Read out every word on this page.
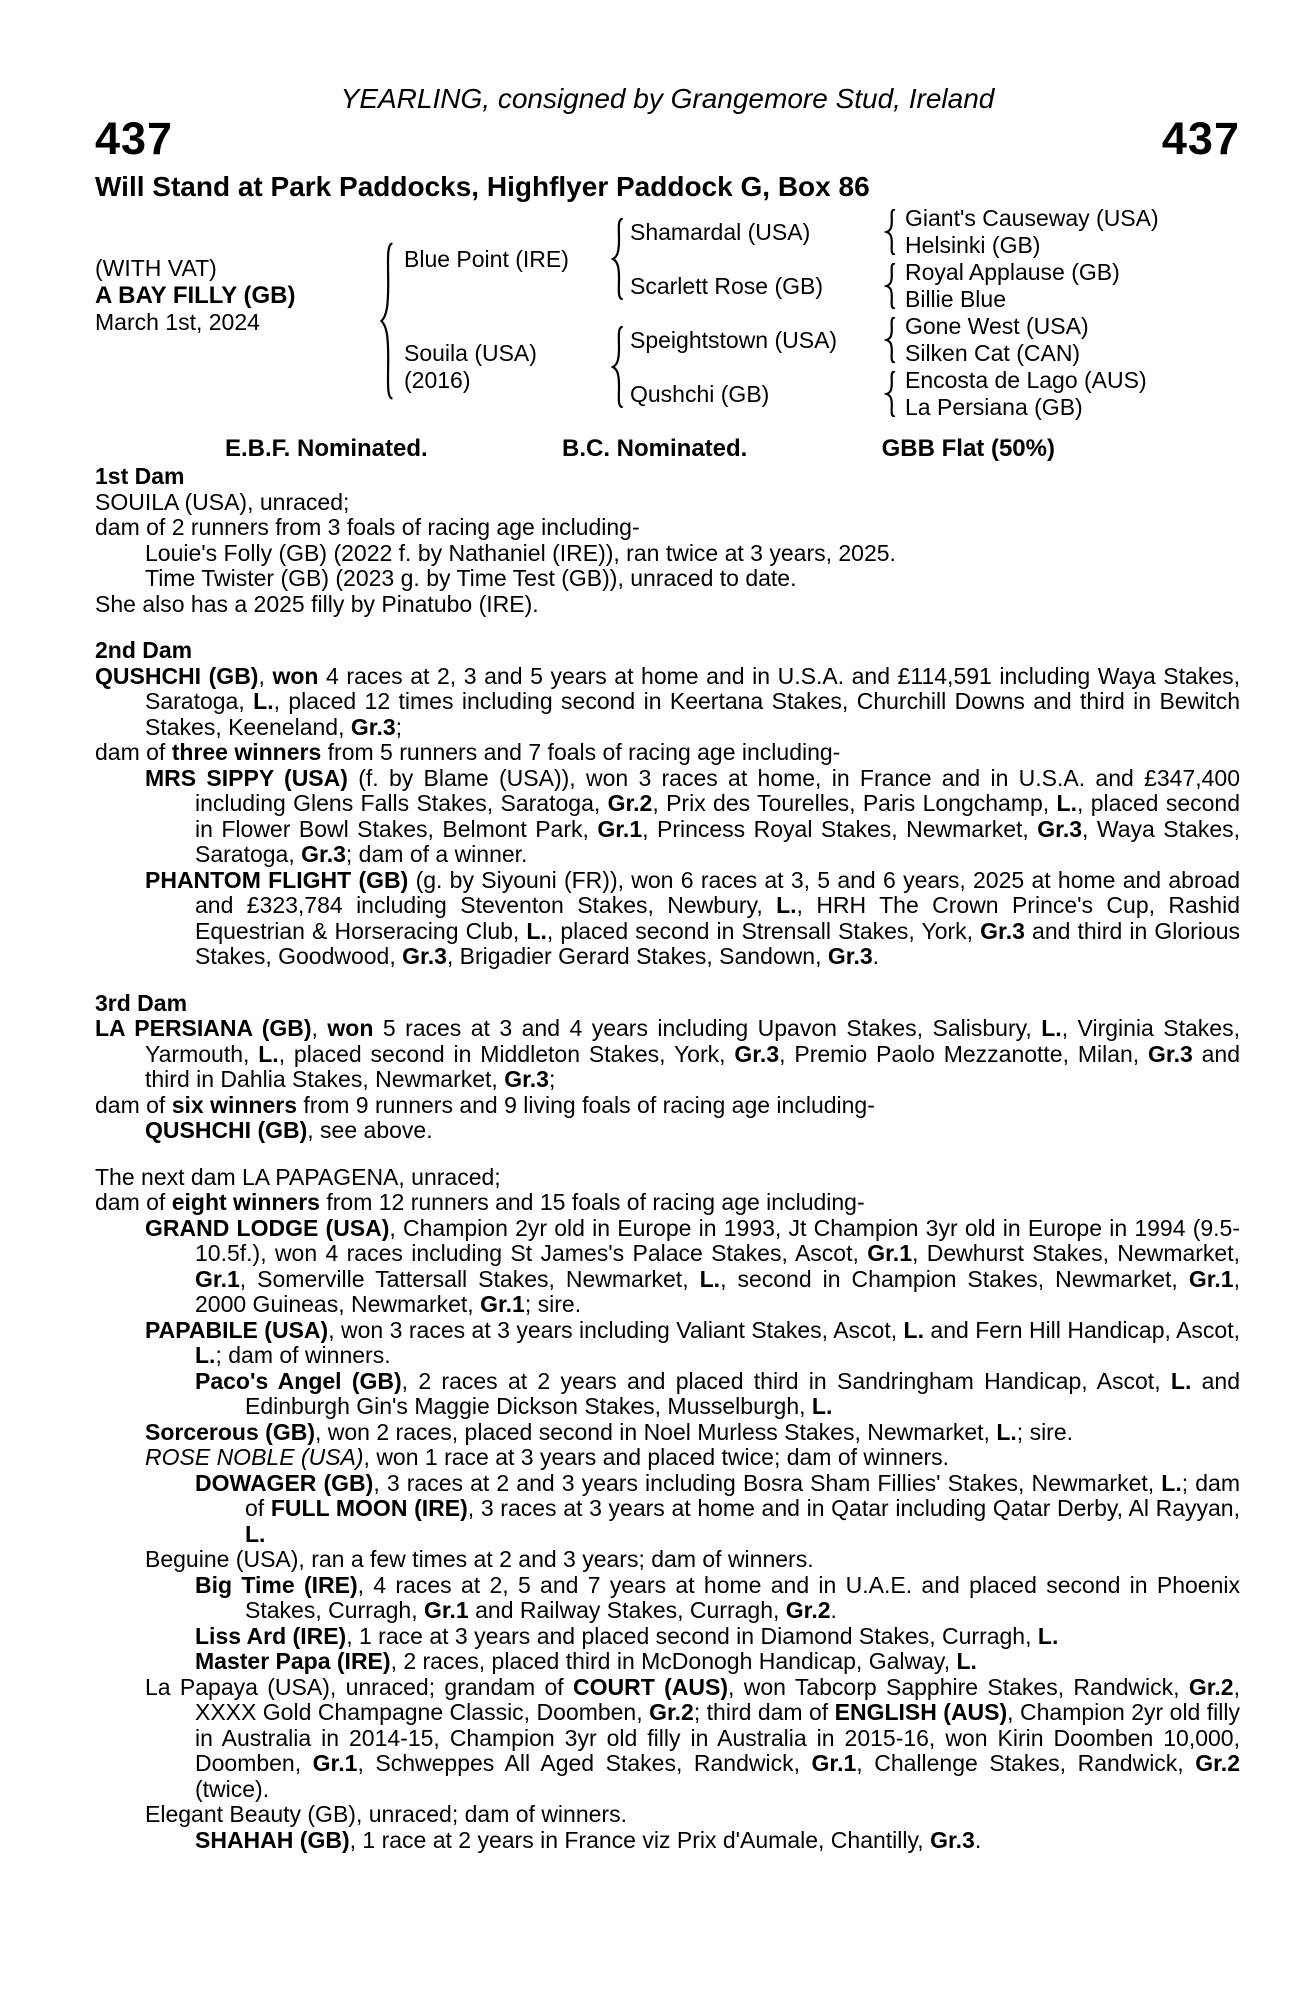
YEARLING, consigned by Grangemore Stud, Ireland
437	437
Will Stand at Park Paddocks, Highflyer Paddock G, Box 86
(WITH VAT)
A BAY FILLY (GB)
March 1st, 2024
Blue Point (IRE)
Souila (USA)
(2016)
Shamardal (USA)
Scarlett Rose (GB)
Speightstown (USA)
Qushchi (GB)
Giant's Causeway (USA)
Helsinki (GB)
Royal Applause (GB)
Billie Blue
Gone West (USA)
Silken Cat (CAN)
Encosta de Lago (AUS)
La Persiana (GB)
E.B.F. Nominated.	B.C. Nominated.	GBB Flat (50%)
1st Dam

SOUILA (USA), unraced;

dam of 2 runners from 3 foals of racing age including-

Louie's Folly (GB) (2022 f. by Nathaniel (IRE)), ran twice at 3 years, 2025.

Time Twister (GB) (2023 g. by Time Test (GB)), unraced to date.

She also has a 2025 filly by Pinatubo (IRE).

2nd Dam

QUSHCHI (GB), won 4 races at 2, 3 and 5 years at home and in U.S.A. and £114,591 including Waya Stakes, Saratoga, L., placed 12 times including second in Keertana Stakes, Churchill Downs and third in Bewitch Stakes, Keeneland, Gr.3;

dam of three winners from 5 runners and 7 foals of racing age including-

MRS SIPPY (USA) (f. by Blame (USA)), won 3 races at home, in France and in U.S.A. and £347,400 including Glens Falls Stakes, Saratoga, Gr.2, Prix des Tourelles, Paris Longchamp, L., placed second in Flower Bowl Stakes, Belmont Park, Gr.1, Princess Royal Stakes, Newmarket, Gr.3, Waya Stakes, Saratoga, Gr.3; dam of a winner.

PHANTOM FLIGHT (GB) (g. by Siyouni (FR)), won 6 races at 3, 5 and 6 years, 2025 at home and abroad and £323,784 including Steventon Stakes, Newbury, L., HRH The Crown Prince's Cup, Rashid Equestrian & Horseracing Club, L., placed second in Strensall Stakes, York, Gr.3 and third in Glorious Stakes, Goodwood, Gr.3, Brigadier Gerard Stakes, Sandown, Gr.3.

3rd Dam

LA PERSIANA (GB), won 5 races at 3 and 4 years including Upavon Stakes, Salisbury, L., Virginia Stakes, Yarmouth, L., placed second in Middleton Stakes, York, Gr.3, Premio Paolo Mezzanotte, Milan, Gr.3 and third in Dahlia Stakes, Newmarket, Gr.3;

dam of six winners from 9 runners and 9 living foals of racing age including-

QUSHCHI (GB), see above.

The next dam LA PAPAGENA, unraced;

dam of eight winners from 12 runners and 15 foals of racing age including-

GRAND LODGE (USA), Champion 2yr old in Europe in 1993, Jt Champion 3yr old in Europe in 1994 (9.5-10.5f.), won 4 races including St James's Palace Stakes, Ascot, Gr.1, Dewhurst Stakes, Newmarket, Gr.1, Somerville Tattersall Stakes, Newmarket, L., second in Champion Stakes, Newmarket, Gr.1, 2000 Guineas, Newmarket, Gr.1; sire.

PAPABILE (USA), won 3 races at 3 years including Valiant Stakes, Ascot, L. and Fern Hill Handicap, Ascot, L.; dam of winners.

Paco's Angel (GB), 2 races at 2 years and placed third in Sandringham Handicap, Ascot, L. and Edinburgh Gin's Maggie Dickson Stakes, Musselburgh, L.

Sorcerous (GB), won 2 races, placed second in Noel Murless Stakes, Newmarket, L.; sire.

ROSE NOBLE (USA), won 1 race at 3 years and placed twice; dam of winners.

DOWAGER (GB), 3 races at 2 and 3 years including Bosra Sham Fillies' Stakes, Newmarket, L.; dam of FULL MOON (IRE), 3 races at 3 years at home and in Qatar including Qatar Derby, Al Rayyan, L.

Beguine (USA), ran a few times at 2 and 3 years; dam of winners.

Big Time (IRE), 4 races at 2, 5 and 7 years at home and in U.A.E. and placed second in Phoenix Stakes, Curragh, Gr.1 and Railway Stakes, Curragh, Gr.2.

Liss Ard (IRE), 1 race at 3 years and placed second in Diamond Stakes, Curragh, L.

Master Papa (IRE), 2 races, placed third in McDonogh Handicap, Galway, L.

La Papaya (USA), unraced; grandam of COURT (AUS), won Tabcorp Sapphire Stakes, Randwick, Gr.2, XXXX Gold Champagne Classic, Doomben, Gr.2; third dam of ENGLISH (AUS), Champion 2yr old filly in Australia in 2014-15, Champion 3yr old filly in Australia in 2015-16, won Kirin Doomben 10,000, Doomben, Gr.1, Schweppes All Aged Stakes, Randwick, Gr.1, Challenge Stakes, Randwick, Gr.2 (twice).

Elegant Beauty (GB), unraced; dam of winners.

SHAHAH (GB), 1 race at 2 years in France viz Prix d'Aumale, Chantilly, Gr.3.
